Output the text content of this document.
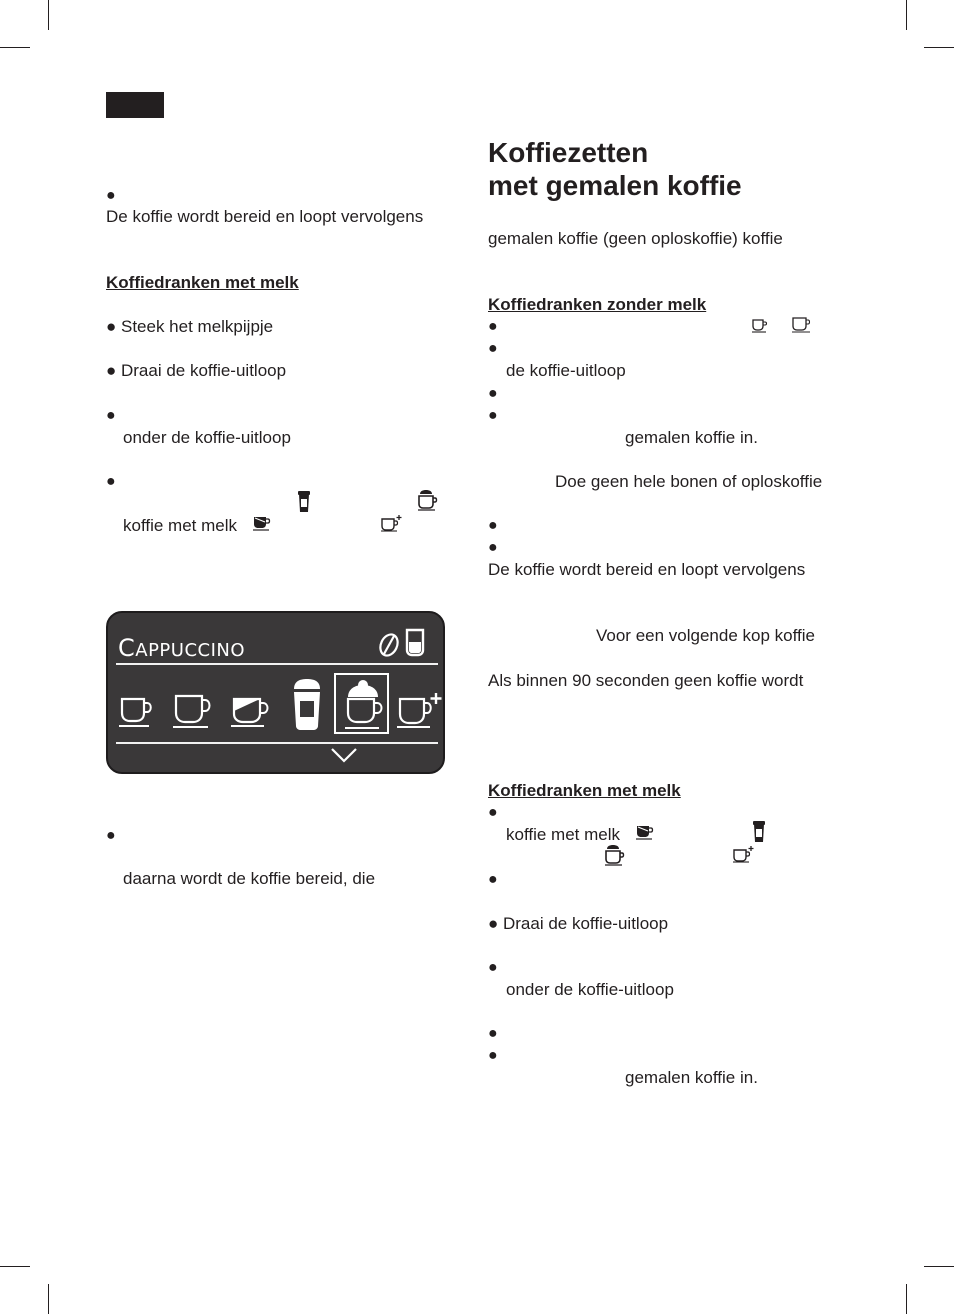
●
De koffie wordt bereid en loopt vervolgens
Koffiedranken met melk
● Steek het melkpijpje
● Draai de koffie-uitloop
●
onder de koffie-uitloop
●
koffie met melk
CAPPUCCINO
●
daarna wordt de koffie bereid, die
Koffiezetten
met gemalen koffie
gemalen koffie (geen oploskoffie) koffie
Koffiedranken zonder melk
●
●
de koffie-uitloop
●
●
gemalen koffie in.
Doe geen hele bonen of oploskoffie
●
●
De koffie wordt bereid en loopt vervolgens
Voor een volgende kop koffie
Als binnen 90 seconden geen koffie wordt
Koffiedranken met melk
●
koffie met melk
●
● Draai de koffie-uitloop
●
onder de koffie-uitloop
●
●
gemalen koffie in.
